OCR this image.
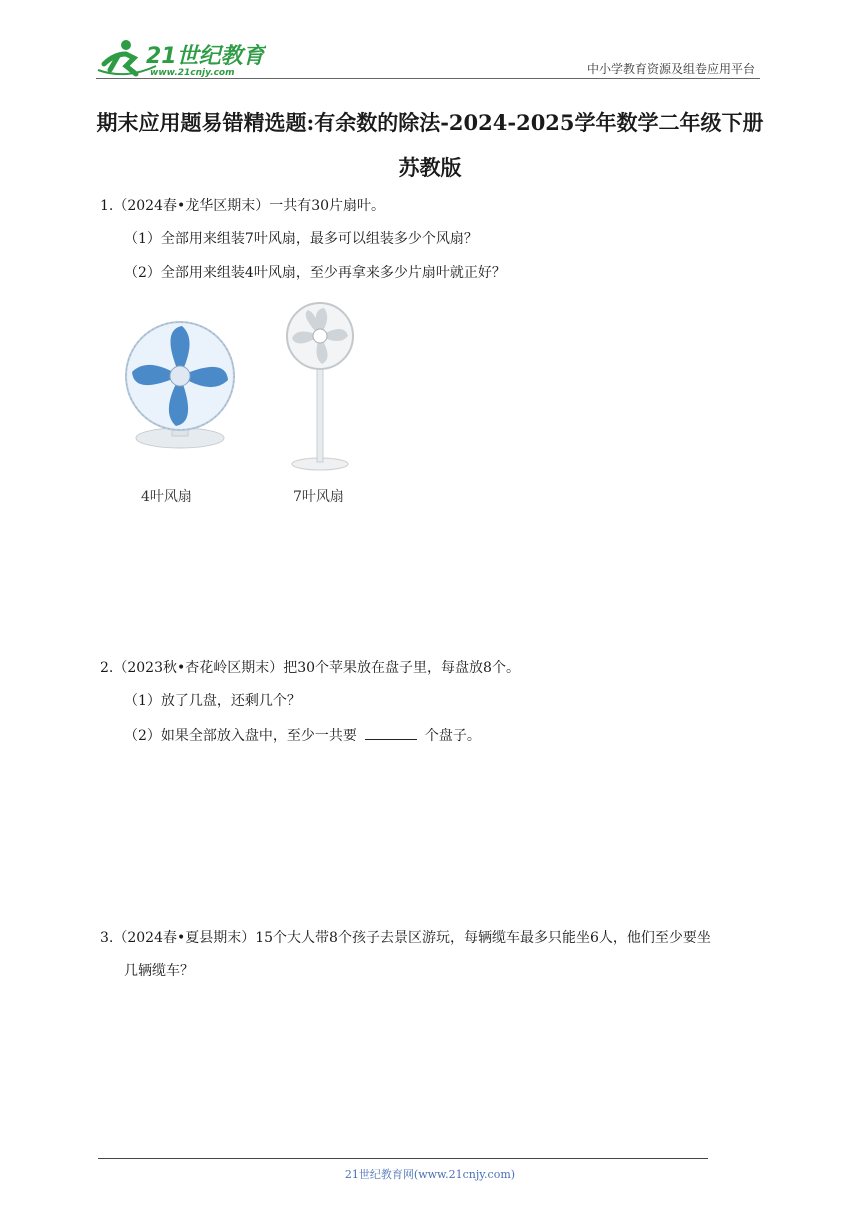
21世纪教育
www.21cnjy.com	中小学教育资源及组卷应用平台
期末应用题易错精选题:有余数的除法-2024-2025学年数学二年级下册
苏教版
1.（2024春•龙华区期末）一共有30片扇叶。
（1）全部用来组装7叶风扇，最多可以组装多少个风扇？
（2）全部用来组装4叶风扇，至少再拿来多少片扇叶就正好？
4叶风扇	7叶风扇
2.（2023秋•杏花岭区期末）把30个苹果放在盘子里，每盘放8个。
（1）放了几盘，还剩几个？
（2）如果全部放入盘中，至少一共要	个盘子。
3.（2024春•夏县期末）15个大人带8个孩子去景区游玩，每辆缆车最多只能坐6人，他们至少要坐
几辆缆车？
21世纪教育网(www.21cnjy.com)
